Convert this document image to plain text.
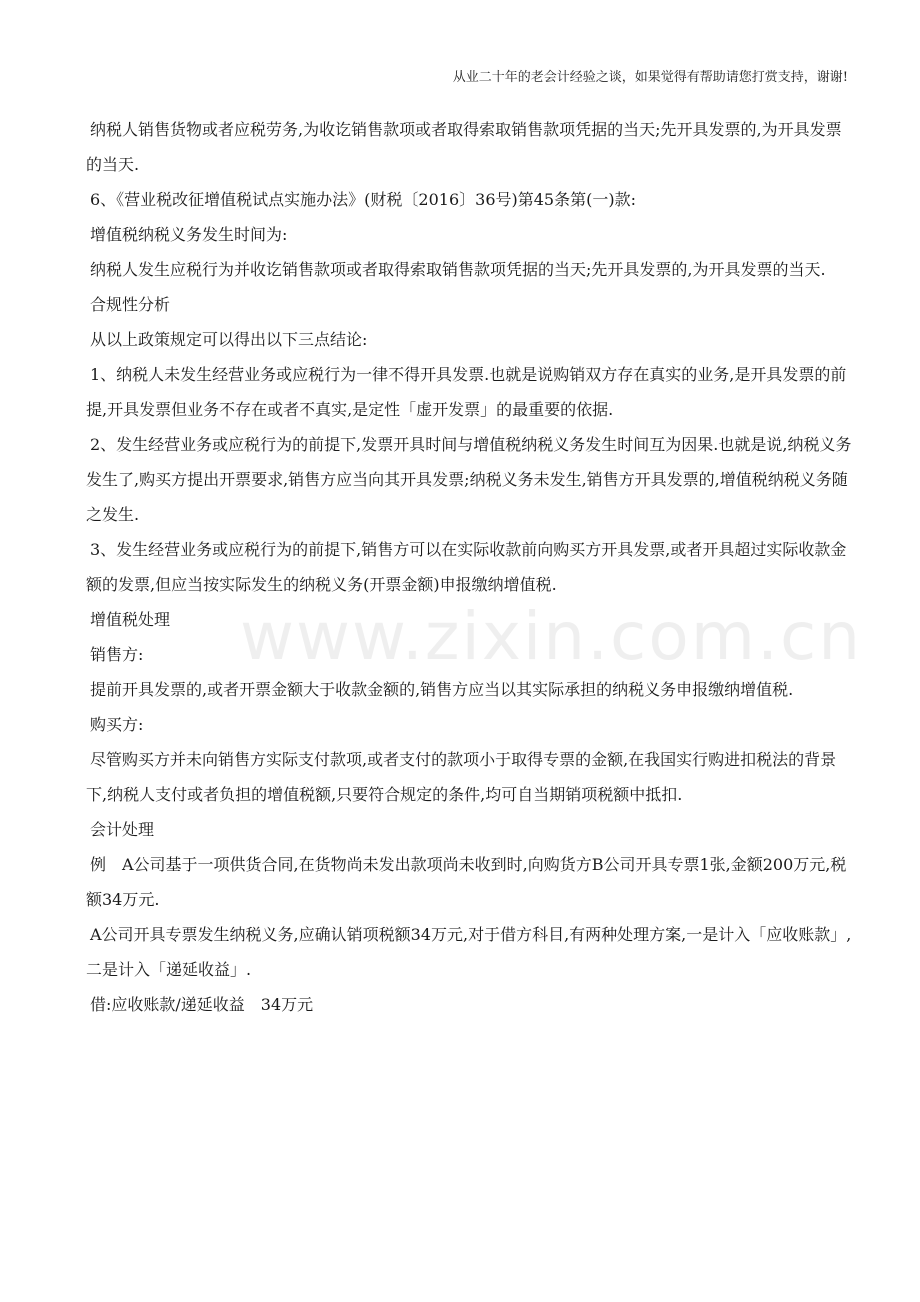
从业二十年的老会计经验之谈，如果觉得有帮助请您打赏支持，谢谢!
www.zixin.com.cn

纳税人销售货物或者应税劳务,为收讫销售款项或者取得索取销售款项凭据的当天;先开具发票的,为开具发票的当天.

6、《营业税改征增值税试点实施办法》(财税〔2016〕36号)第45条第(一)款:

增值税纳税义务发生时间为:

纳税人发生应税行为并收讫销售款项或者取得索取销售款项凭据的当天;先开具发票的,为开具发票的当天.

合规性分析

从以上政策规定可以得出以下三点结论:

1、纳税人未发生经营业务或应税行为一律不得开具发票.也就是说购销双方存在真实的业务,是开具发票的前提,开具发票但业务不存在或者不真实,是定性「虚开发票」的最重要的依据.

2、发生经营业务或应税行为的前提下,发票开具时间与增值税纳税义务发生时间互为因果.也就是说,纳税义务发生了,购买方提出开票要求,销售方应当向其开具发票;纳税义务未发生,销售方开具发票的,增值税纳税义务随之发生.

3、发生经营业务或应税行为的前提下,销售方可以在实际收款前向购买方开具发票,或者开具超过实际收款金额的发票,但应当按实际发生的纳税义务(开票金额)申报缴纳增值税.

增值税处理

销售方:

提前开具发票的,或者开票金额大于收款金额的,销售方应当以其实际承担的纳税义务申报缴纳增值税.

购买方:

尽管购买方并未向销售方实际支付款项,或者支付的款项小于取得专票的金额,在我国实行购进扣税法的背景下,纳税人支付或者负担的增值税额,只要符合规定的条件,均可自当期销项税额中抵扣.

会计处理

例　A公司基于一项供货合同,在货物尚未发出款项尚未收到时,向购货方B公司开具专票1张,金额200万元,税额34万元.

A公司开具专票发生纳税义务,应确认销项税额34万元,对于借方科目,有两种处理方案,一是计入「应收账款」,二是计入「递延收益」.

借:应收账款/递延收益　34万元
